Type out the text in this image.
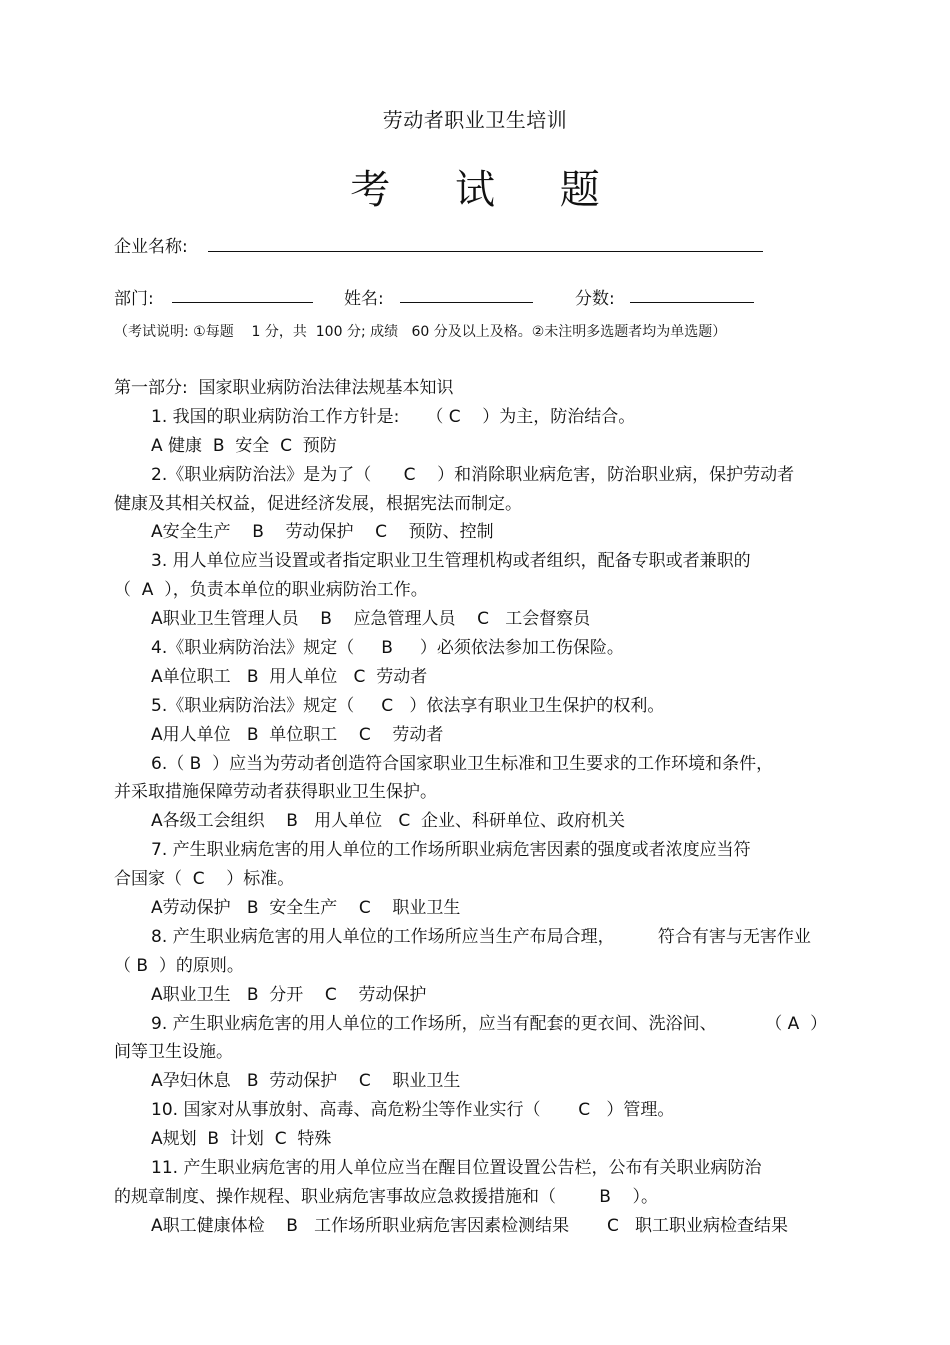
劳动者职业卫生培训
考 试 题
企业名称:
部门:	姓名:	分数:
（考试说明: ①每题    1 分，共  100 分; 成绩   60 分及以上及格。②未注明多选题者均为单选题）
第一部分:  国家职业病防治法律法规基本知识
1. 我国的职业病防治工作方针是:     （ C    ）为主，防治结合。
A 健康  B  安全  C  预防
2.《职业病防治法》是为了（      C    ）和消除职业病危害，防治职业病，保护劳动者
健康及其相关权益，促进经济发展，根据宪法而制定。
A安全生产    B    劳动保护    C    预防、控制
3. 用人单位应当设置或者指定职业卫生管理机构或者组织，配备专职或者兼职的
（  A  ），负责本单位的职业病防治工作。
A职业卫生管理人员    B    应急管理人员    C   工会督察员
4.《职业病防治法》规定（     B     ）必须依法参加工伤保险。
A单位职工   B  用人单位   C  劳动者
5.《职业病防治法》规定（     C   ）依法享有职业卫生保护的权利。
A用人单位   B  单位职工    C    劳动者
6.（ B  ）应当为劳动者创造符合国家职业卫生标准和卫生要求的工作环境和条件，
并采取措施保障劳动者获得职业卫生保护。
A各级工会组织    B   用人单位   C  企业、科研单位、政府机关
7. 产生职业病危害的用人单位的工作场所职业病危害因素的强度或者浓度应当符
合国家（  C    ）标准。
A劳动保护   B  安全生产    C    职业卫生
8. 产生职业病危害的用人单位的工作场所应当生产布局合理，        符合有害与无害作业
（ B  ）的原则。
A职业卫生   B  分开    C    劳动保护
9. 产生职业病危害的用人单位的工作场所，应当有配套的更衣间、洗浴间、         （ A  ）
间等卫生设施。
A孕妇休息   B  劳动保护    C    职业卫生
10. 国家对从事放射、高毒、高危粉尘等作业实行（       C   ）管理。
A规划  B  计划  C  特殊
11. 产生职业病危害的用人单位应当在醒目位置设置公告栏，公布有关职业病防治
的规章制度、操作规程、职业病危害事故应急救援措施和（        B    ）。
A职工健康体检    B   工作场所职业病危害因素检测结果       C   职工职业病检查结果
